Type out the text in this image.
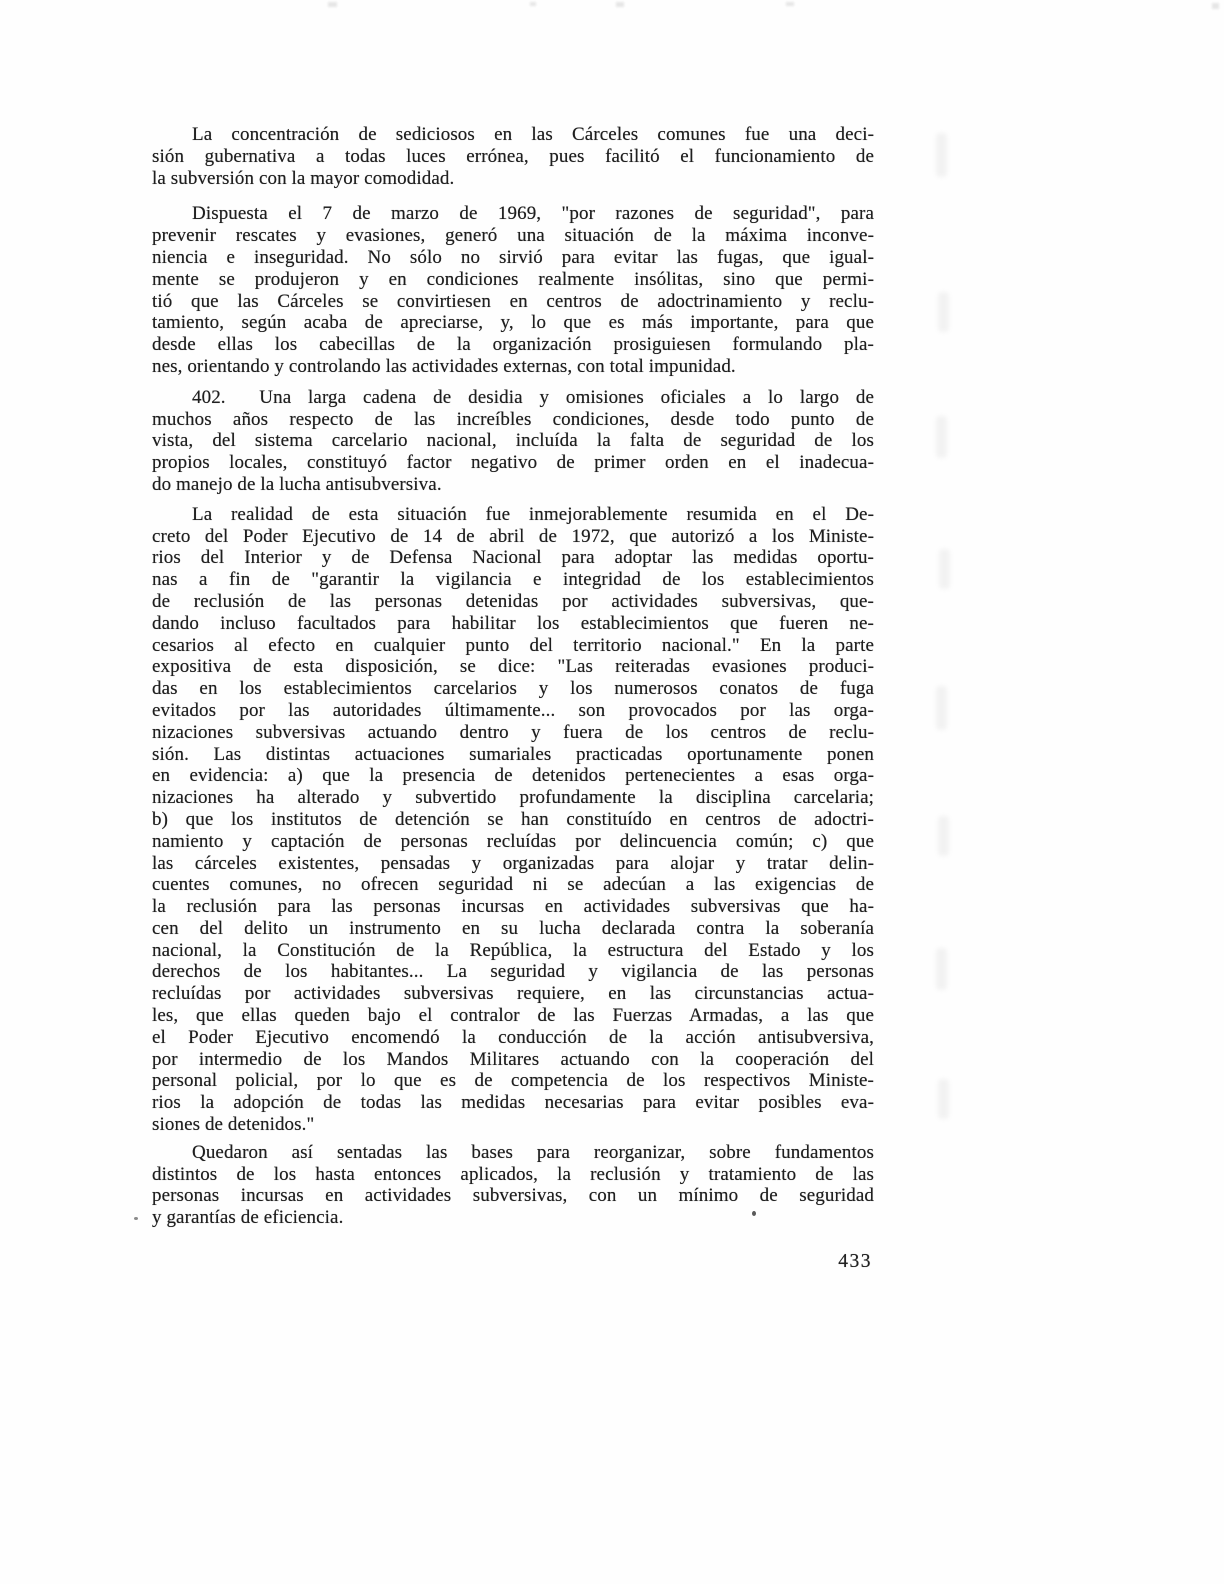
La concentración de sediciosos en las Cárceles comunes fue una deci-
sión gubernativa a todas luces errónea, pues facilitó el funcionamiento de
la subversión con la mayor comodidad.
Dispuesta el 7 de marzo de 1969, "por razones de seguridad", para
prevenir rescates y evasiones, generó una situación de la máxima inconve-
niencia e inseguridad. No sólo no sirvió para evitar las fugas, que igual-
mente se produjeron y en condiciones realmente insólitas, sino que permi-
tió que las Cárceles se convirtiesen en centros de adoctrinamiento y reclu-
tamiento, según acaba de apreciarse, y, lo que es más importante, para que
desde ellas los cabecillas de la organización prosiguiesen formulando pla-
nes, orientando y controlando las actividades externas, con total impunidad.
402.  Una larga cadena de desidia y omisiones oficiales a lo largo de
muchos años respecto de las increíbles condiciones, desde todo punto de
vista, del sistema carcelario nacional, incluída la falta de seguridad de los
propios locales, constituyó factor negativo de primer orden en el inadecua-
do manejo de la lucha antisubversiva.
La realidad de esta situación fue inmejorablemente resumida en el De-
creto del Poder Ejecutivo de 14 de abril de 1972, que autorizó a los Ministe-
rios del Interior y de Defensa Nacional para adoptar las medidas oportu-
nas a fin de "garantir la vigilancia e integridad de los establecimientos
de reclusión de las personas detenidas por actividades subversivas, que-
dando incluso facultados para habilitar los establecimientos que fueren ne-
cesarios al efecto en cualquier punto del territorio nacional." En la parte
expositiva de esta disposición, se dice: "Las reiteradas evasiones produci-
das en los establecimientos carcelarios y los numerosos conatos de fuga
evitados por las autoridades últimamente... son provocados por las orga-
nizaciones subversivas actuando dentro y fuera de los centros de reclu-
sión. Las distintas actuaciones sumariales practicadas oportunamente ponen
en evidencia: a) que la presencia de detenidos pertenecientes a esas orga-
nizaciones ha alterado y subvertido profundamente la disciplina carcelaria;
b) que los institutos de detención se han constituído en centros de adoctri-
namiento y captación de personas recluídas por delincuencia común; c) que
las cárceles existentes, pensadas y organizadas para alojar y tratar delin-
cuentes comunes, no ofrecen seguridad ni se adecúan a las exigencias de
la reclusión para las personas incursas en actividades subversivas que ha-
cen del delito un instrumento en su lucha declarada contra la soberanía
nacional, la Constitución de la República, la estructura del Estado y los
derechos de los habitantes... La seguridad y vigilancia de las personas
recluídas por actividades subversivas requiere, en las circunstancias actua-
les, que ellas queden bajo el contralor de las Fuerzas Armadas, a las que
el Poder Ejecutivo encomendó la conducción de la acción antisubversiva,
por intermedio de los Mandos Militares actuando con la cooperación del
personal policial, por lo que es de competencia de los respectivos Ministe-
rios la adopción de todas las medidas necesarias para evitar posibles eva-
siones de detenidos."
Quedaron así sentadas las bases para reorganizar, sobre fundamentos
distintos de los hasta entonces aplicados, la reclusión y tratamiento de las
personas incursas en actividades subversivas, con un mínimo de seguridad
y garantías de eficiencia.
433
